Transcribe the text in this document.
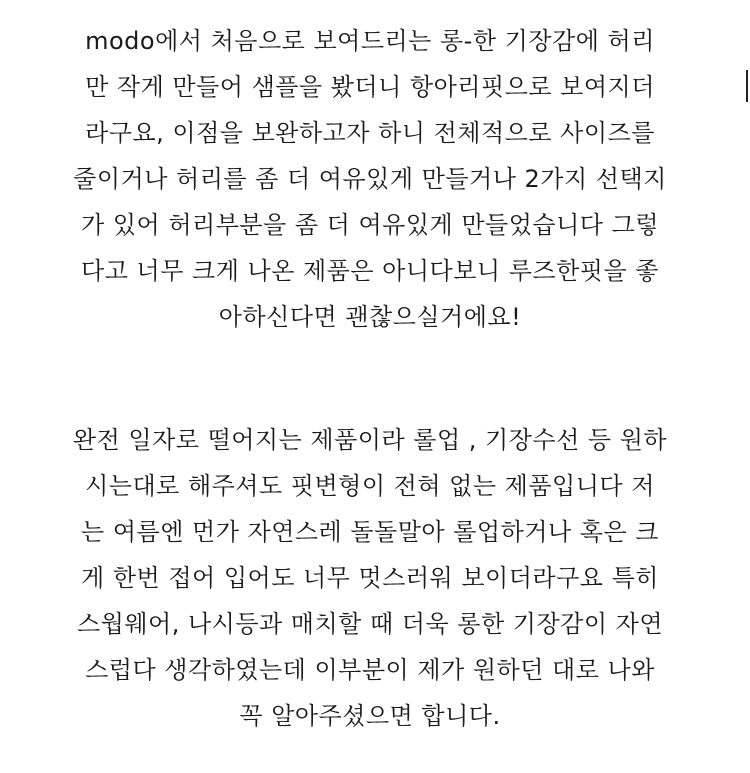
modo에서 처음으로 보여드리는 롱-한 기장감에 허리
만 작게 만들어 샘플을 봤더니 항아리핏으로 보여지더
라구요, 이점을 보완하고자 하니 전체적으로 사이즈를
줄이거나 허리를 좀 더 여유있게 만들거나 2가지 선택지
가 있어 허리부분을 좀 더 여유있게 만들었습니다 그렇
다고 너무 크게 나온 제품은 아니다보니 루즈한핏을 좋
아하신다면 괜찮으실거에요!
완전 일자로 떨어지는 제품이라 롤업 , 기장수선 등 원하
시는대로 해주셔도 핏변형이 전혀 없는 제품입니다 저
는 여름엔 먼가 자연스레 돌돌말아 롤업하거나 혹은 크
게 한번 접어 입어도 너무 멋스러워 보이더라구요 특히
스웝웨어, 나시등과 매치할 때 더욱 롱한 기장감이 자연
스럽다 생각하였는데 이부분이 제가 원하던 대로 나와
꼭 알아주셨으면 합니다.
